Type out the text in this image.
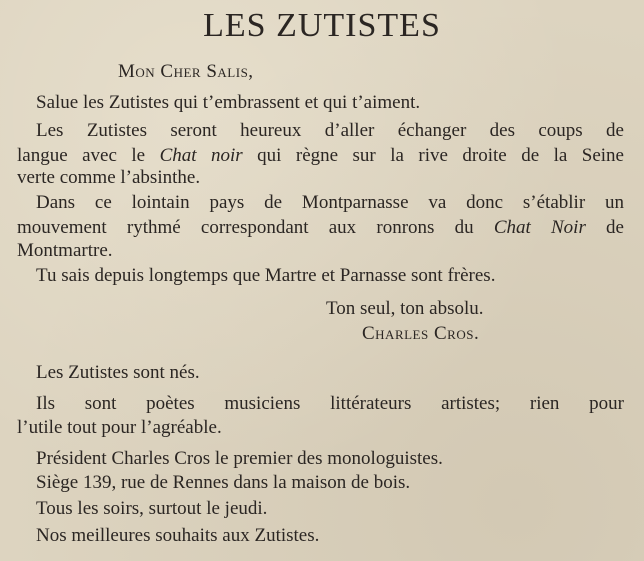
LES ZUTISTES
Mon Cher Salis,
Salue les Zutistes qui t’embrassent et qui t’aiment.
Les Zutistes seront heureux d’aller échanger des coups de
langue avec le Chat noir qui règne sur la rive droite de la Seine
verte comme l’absinthe.
Dans ce lointain pays de Montparnasse va donc s’établir un
mouvement rythmé correspondant aux ronrons du Chat Noir de
Montmartre.
Tu sais depuis longtemps que Martre et Parnasse sont frères.
Ton seul, ton absolu.
Charles Cros.
Les Zutistes sont nés.
Ils sont poètes musiciens littérateurs artistes; rien pour
l’utile tout pour l’agréable.
Président Charles Cros le premier des monologuistes.
Siège 139, rue de Rennes dans la maison de bois.
Tous les soirs, surtout le jeudi.
Nos meilleures souhaits aux Zutistes.
